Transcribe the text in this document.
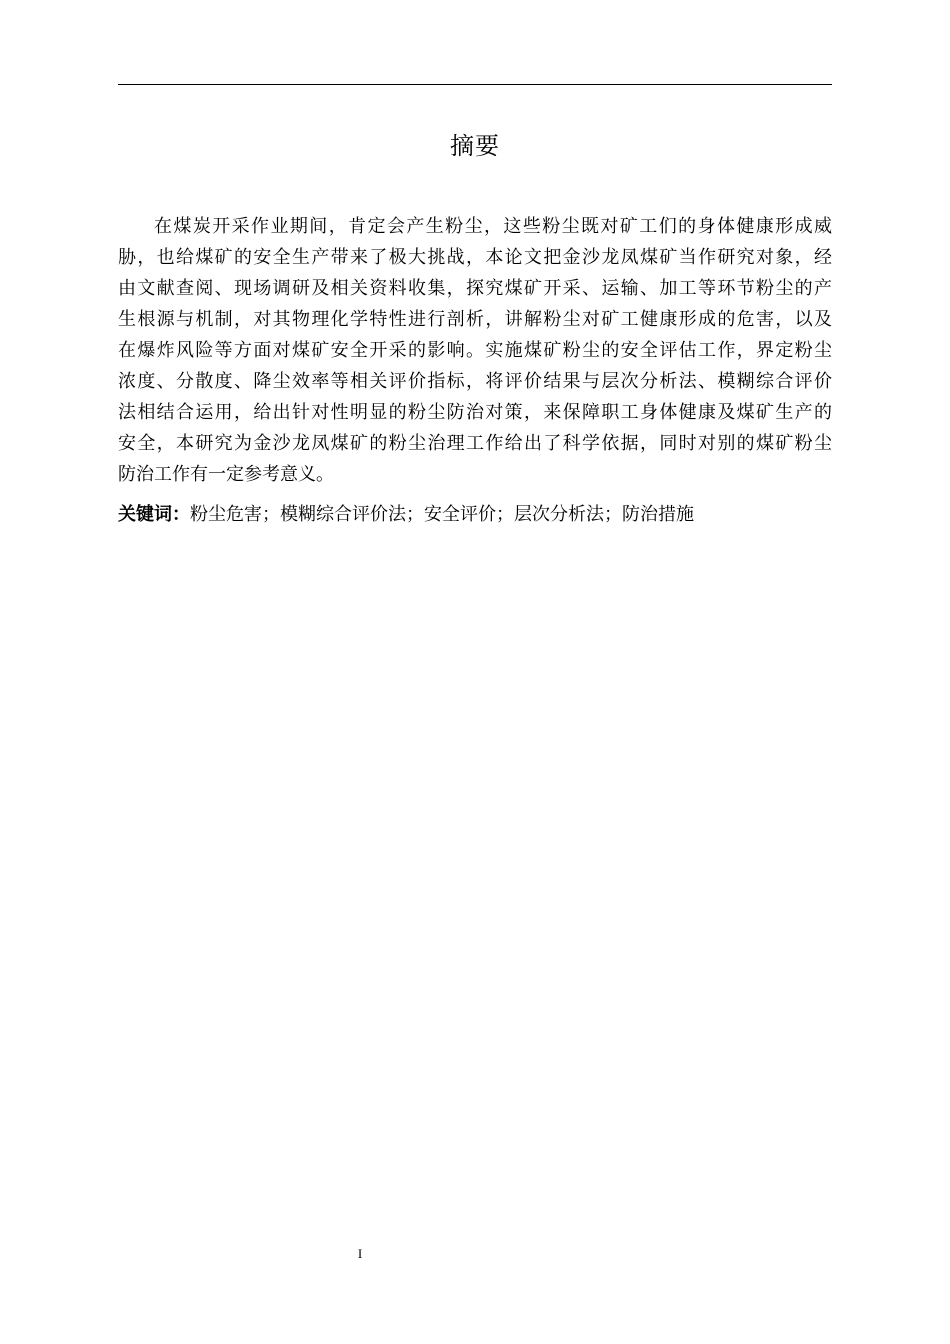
摘要
在煤炭开采作业期间，肯定会产生粉尘，这些粉尘既对矿工们的身体健康形成威
胁，也给煤矿的安全生产带来了极大挑战，本论文把金沙龙凤煤矿当作研究对象，经
由文献查阅、现场调研及相关资料收集，探究煤矿开采、运输、加工等环节粉尘的产
生根源与机制，对其物理化学特性进行剖析，讲解粉尘对矿工健康形成的危害，以及
在爆炸风险等方面对煤矿安全开采的影响。实施煤矿粉尘的安全评估工作，界定粉尘
浓度、分散度、降尘效率等相关评价指标，将评价结果与层次分析法、模糊综合评价
法相结合运用，给出针对性明显的粉尘防治对策，来保障职工身体健康及煤矿生产的
安全，本研究为金沙龙凤煤矿的粉尘治理工作给出了科学依据，同时对别的煤矿粉尘
防治工作有一定参考意义。
关键词：粉尘危害；模糊综合评价法；安全评价；层次分析法；防治措施
I
